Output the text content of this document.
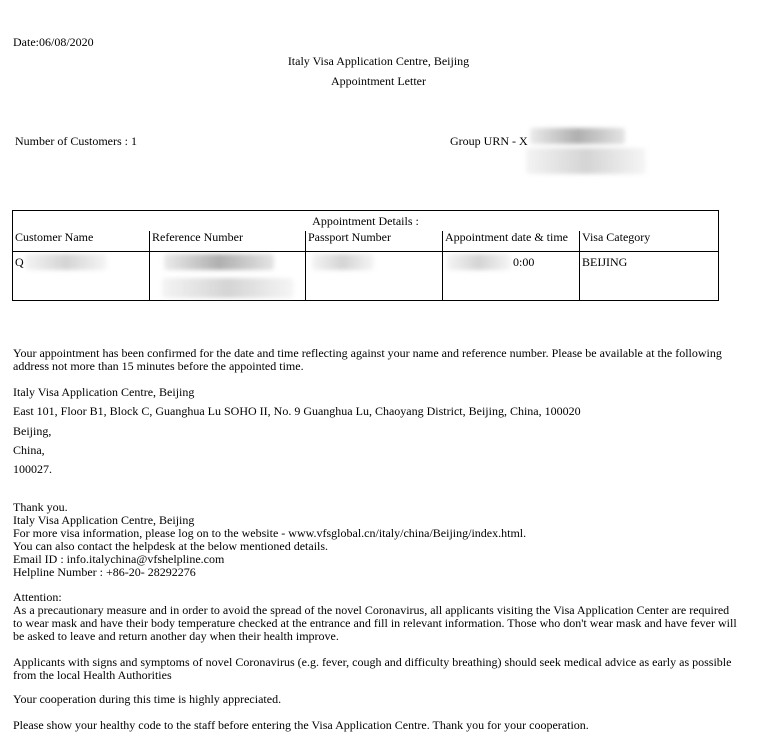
Date:06/08/2020
Italy Visa Application Centre, Beijing
Appointment Letter
Number of Customers : 1	Group URN - X
Appointment Details :				
Customer Name	Reference Number	Passport Number	Appointment date & time	Visa Category

Q			0:00	BEIJING
Your appointment has been confirmed for the date and time reflecting against your name and reference number. Please be available at the following address not more than 15 minutes before the appointed time.
Italy Visa Application Centre, Beijing
East 101, Floor B1, Block C, Guanghua Lu SOHO II, No. 9 Guanghua Lu, Chaoyang District, Beijing, China, 100020
Beijing,
China,
100027.
Thank you.
Italy Visa Application Centre, Beijing
For more visa information, please log on to the website - www.vfsglobal.cn/italy/china/Beijing/index.html.
You can also contact the helpdesk at the below mentioned details.
Email ID : info.italychina@vfshelpline.com
Helpline Number : +86-20- 28292276
Attention:
As a precautionary measure and in order to avoid the spread of the novel Coronavirus, all applicants visiting the Visa Application Center are required to wear mask and have their body temperature checked at the entrance and fill in relevant information. Those who don't wear mask and have fever will be asked to leave and return another day when their health improve.
Applicants with signs and symptoms of novel Coronavirus (e.g. fever, cough and difficulty breathing) should seek medical advice as early as possible from the local Health Authorities
Your cooperation during this time is highly appreciated.
Please show your healthy code to the staff before entering the Visa Application Centre. Thank you for your cooperation.
